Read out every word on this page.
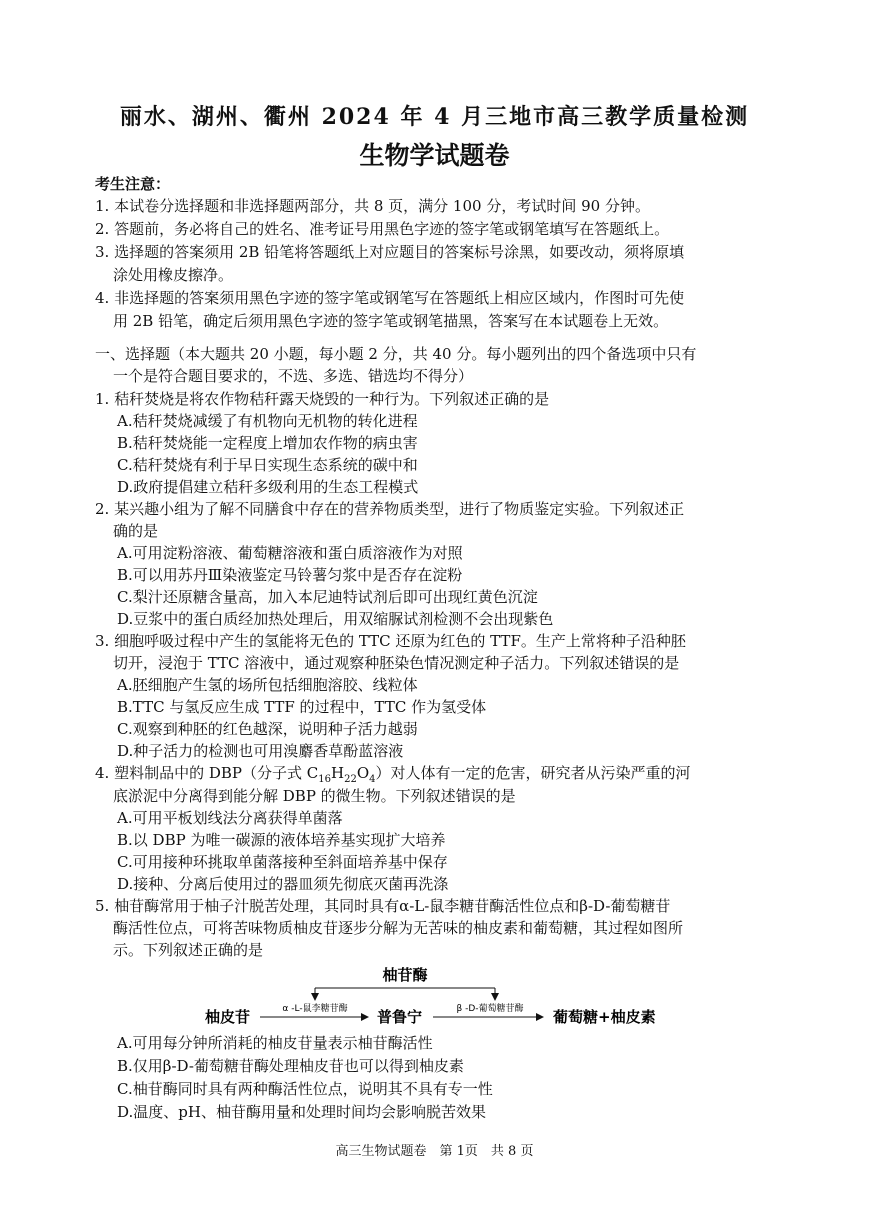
丽水、湖州、衢州 2024 年 4 月三地市高三教学质量检测
生物学试题卷
考生注意：
1. 本试卷分选择题和非选择题两部分，共 8 页，满分 100 分，考试时间 90 分钟。
2. 答题前，务必将自己的姓名、准考证号用黑色字迹的签字笔或钢笔填写在答题纸上。
3. 选择题的答案须用 2B 铅笔将答题纸上对应题目的答案标号涂黑，如要改动，须将原填
涂处用橡皮擦净。
4. 非选择题的答案须用黑色字迹的签字笔或钢笔写在答题纸上相应区域内，作图时可先使
用 2B 铅笔，确定后须用黑色字迹的签字笔或钢笔描黑，答案写在本试题卷上无效。
一、选择题（本大题共 20 小题，每小题 2 分，共 40 分。每小题列出的四个备选项中只有
一个是符合题目要求的，不选、多选、错选均不得分）
1. 秸秆焚烧是将农作物秸秆露天烧毁的一种行为。下列叙述正确的是
A.秸秆焚烧减缓了有机物向无机物的转化进程
B.秸秆焚烧能一定程度上增加农作物的病虫害
C.秸秆焚烧有利于早日实现生态系统的碳中和
D.政府提倡建立秸秆多级利用的生态工程模式
2. 某兴趣小组为了解不同膳食中存在的营养物质类型，进行了物质鉴定实验。下列叙述正
确的是
A.可用淀粉溶液、葡萄糖溶液和蛋白质溶液作为对照
B.可以用苏丹Ⅲ染液鉴定马铃薯匀浆中是否存在淀粉
C.梨汁还原糖含量高，加入本尼迪特试剂后即可出现红黄色沉淀
D.豆浆中的蛋白质经加热处理后，用双缩脲试剂检测不会出现紫色
3. 细胞呼吸过程中产生的氢能将无色的 TTC 还原为红色的 TTF。生产上常将种子沿种胚
切开，浸泡于 TTC 溶液中，通过观察种胚染色情况测定种子活力。下列叙述错误的是
A.胚细胞产生氢的场所包括细胞溶胶、线粒体
B.TTC 与氢反应生成 TTF 的过程中，TTC 作为氢受体
C.观察到种胚的红色越深，说明种子活力越弱
D.种子活力的检测也可用溴麝香草酚蓝溶液
4. 塑料制品中的 DBP（分子式 $C_{16}H_{22}O_4$）对人体有一定的危害，研究者从污染严重的河
底淤泥中分离得到能分解 DBP 的微生物。下列叙述错误的是
A.可用平板划线法分离获得单菌落
B.以 DBP 为唯一碳源的液体培养基实现扩大培养
C.可用接种环挑取单菌落接种至斜面培养基中保存
D.接种、分离后使用过的器皿须先彻底灭菌再洗涤
5. 柚苷酶常用于柚子汁脱苦处理，其同时具有α-L-鼠李糖苷酶活性位点和β-D-葡萄糖苷
酶活性位点，可将苦味物质柚皮苷逐步分解为无苦味的柚皮素和葡萄糖，其过程如图所
示。下列叙述正确的是
柚苷酶
柚皮苷	α -L-鼠李糖苷酶 普鲁宁	β -D-葡萄糖苷酶 葡萄糖+柚皮素
A.可用每分钟所消耗的柚皮苷量表示柚苷酶活性
B.仅用β-D-葡萄糖苷酶处理柚皮苷也可以得到柚皮素
C.柚苷酶同时具有两种酶活性位点，说明其不具有专一性
D.温度、pH、柚苷酶用量和处理时间均会影响脱苦效果
高三生物试题卷　第 1页　共 8 页
